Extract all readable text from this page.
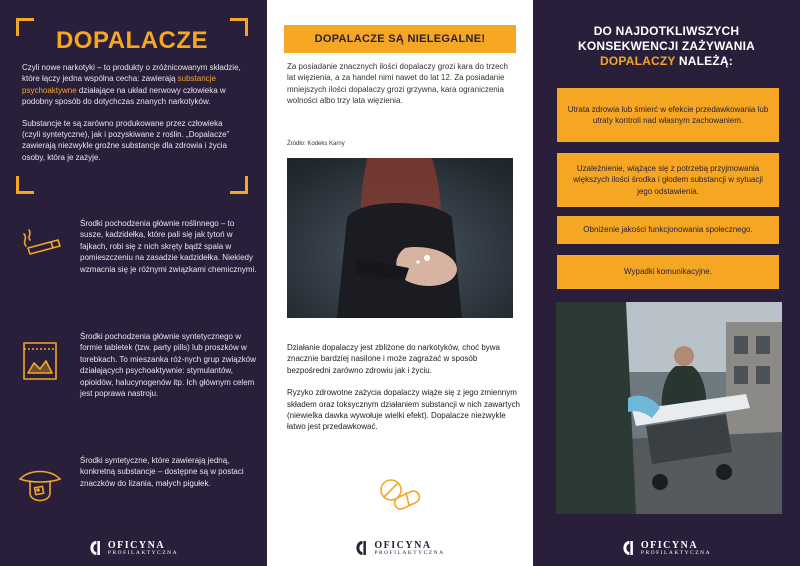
DOPALACZE

Czyli nowe narkotyki – to produkty o zróżnicowanym składzie, które łączy jedna wspólna cecha: zawierają substancje psychoaktywne działające na układ nerwowy człowieka w podobny sposób do dotychczas znanych narkotyków.

Substancje te są zarówno produkowane przez człowieka (czyli syntetyczne), jak i pozyskiwane z roślin. „Dopalacze” zawierają niezwykle groźne substancje dla zdrowia i życia osoby, która je zażyje.

Środki pochodzenia głównie roślinnego – to susze, kadzidełka, które pali się jak tytoń w fajkach, robi się z nich skręty bądź spala w pomieszczeniu na zasadzie kadzidełka. Niekiedy wzmacnia się je różnymi związkami chemicznymi.
Środki pochodzenia głównie syntetycznego w formie tabletek (tzw. party pills) lub proszków w torebkach. To mieszanka róż-nych grup związków działających psychoaktywnie: stymulantów, opioidów, halucynogenów itp. Ich głównym celem jest poprawa nastroju.
Środki syntetyczne, które zawierają jedną, konkretną substancje – dostępne są w postaci znaczków do lizania, małych pigułek.
OFICYNA
PROFILAKTYCZNA
DOPALACZE SĄ NIELEGALNE!

Za posiadanie znacznych ilości dopalaczy grozi kara do trzech lat więzienia, a za handel nimi nawet do lat 12. Za posiadanie mniejszych ilości dopalaczy grozi grzywna, kara ograniczenia wolności albo trzy lata więzienia.

Źródło: Kodeks Karny

Działanie dopalaczy jest zbliżone do narkotyków, choć bywa znacznie bardziej nasilone i może zagrażać w sposób bezpośredni zarówno zdrowiu jak i życiu.

Ryzyko zdrowotne zażycia dopalaczy wiąże się z jego zmiennym składem oraz toksycznym działaniem substancji w nich zawartych (niewielka dawka wywołuje wielki efekt). Dopalacze niezwykle łatwo jest przedawkować.

OFICYNA
PROFILAKTYCZNA
DO NAJDOTKLIWSZYCH
KONSEKWENCJI ZAŻYWANIA
DOPALACZY NALEŻĄ:
OFICYNA
PROFILAKTYCZNA
Utrata zdrowia lub śmierć w efekcie przedawkowania lub utraty kontroli nad własnym zachowaniem.
Uzależnienie, wiążące się z potrzebą przyjmowania większych ilości środka i głodem substancji w sytuacji jego odstawienia.
Obniżenie jakości funkcjonowania społecznego.
Wypadki komunikacyjne.
